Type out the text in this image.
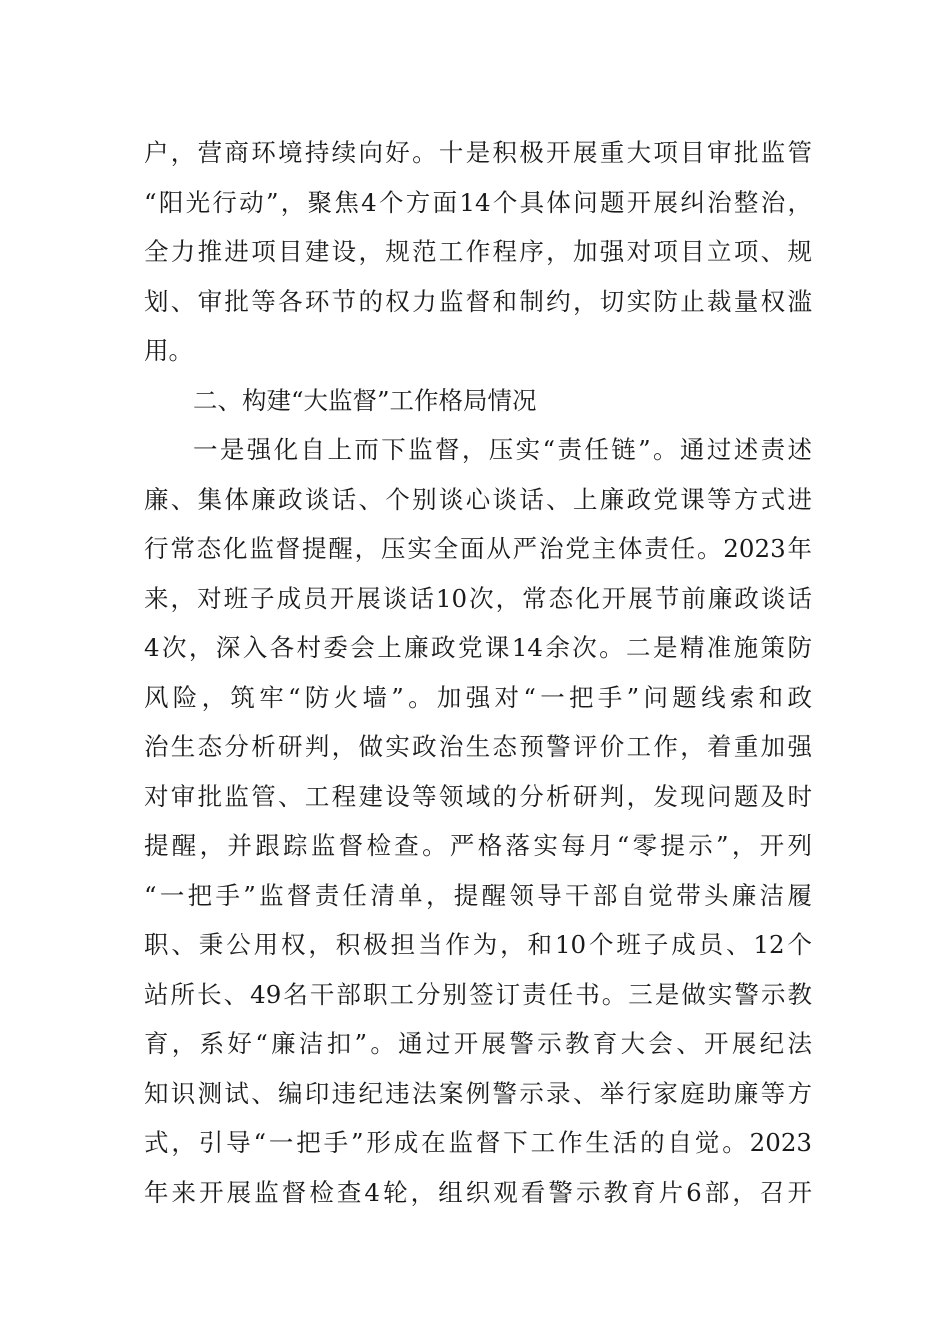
户，营商环境持续向好。十是积极开展重大项目审批监管
“阳光行动”，聚焦4个方面14个具体问题开展纠治整治，
全力推进项目建设，规范工作程序，加强对项目立项、规
划、审批等各环节的权力监督和制约，切实防止裁量权滥
用。
二、构建“大监督”工作格局情况
一是强化自上而下监督，压实“责任链”。通过述责述
廉、集体廉政谈话、个别谈心谈话、上廉政党课等方式进
行常态化监督提醒，压实全面从严治党主体责任。2023年
来，对班子成员开展谈话10次，常态化开展节前廉政谈话
4次，深入各村委会上廉政党课14余次。二是精准施策防
风险，筑牢“防火墙”。加强对“一把手”问题线索和政
治生态分析研判，做实政治生态预警评价工作，着重加强
对审批监管、工程建设等领域的分析研判，发现问题及时
提醒，并跟踪监督检查。严格落实每月“零提示”，开列
“一把手”监督责任清单，提醒领导干部自觉带头廉洁履
职、秉公用权，积极担当作为，和10个班子成员、12个
站所长、49名干部职工分别签订责任书。三是做实警示教
育，系好“廉洁扣”。通过开展警示教育大会、开展纪法
知识测试、编印违纪违法案例警示录、举行家庭助廉等方
式，引导“一把手”形成在监督下工作生活的自觉。2023
年来开展监督检查4轮，组织观看警示教育片6部，召开
